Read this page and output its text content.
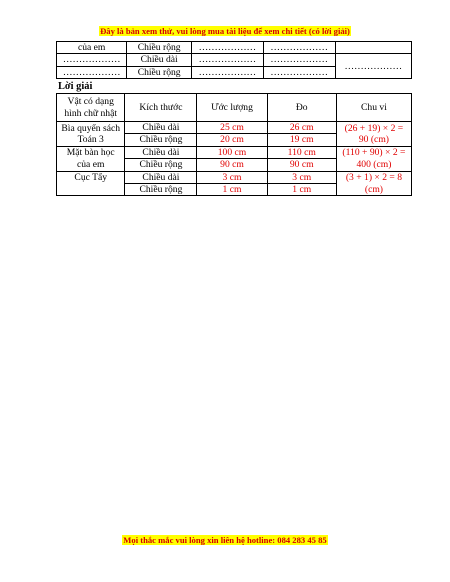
Đây là bản xem thử, vui lòng mua tài liệu để xem chi tiết (có lời giải)
của em	Chiều rộng	………………	………………	
………………	Chiều dài	………………	………………	………………
………………	Chiều rộng	………………	………………	
Lời giải
Vật có dạng hình chữ nhật	Kích thước	Ước lượng	Đo	Chu vi
Bìa quyển sách Toán 3	Chiều dài	25 cm	26 cm	(26 + 19) × 2 = 90 (cm)
	Chiều rộng	20 cm	19 cm	
Mặt bàn học của em	Chiều dài	100 cm	110 cm	(110 + 90) × 2 = 400 (cm)
	Chiều rộng	90 cm	90 cm	
Cục Tẩy	Chiều dài	3 cm	3 cm	(3 + 1) × 2 = 8 (cm)
	Chiều rộng	1 cm	1 cm	
Mọi thắc mắc vui lòng xin liên hệ hotline: 084 283 45 85
